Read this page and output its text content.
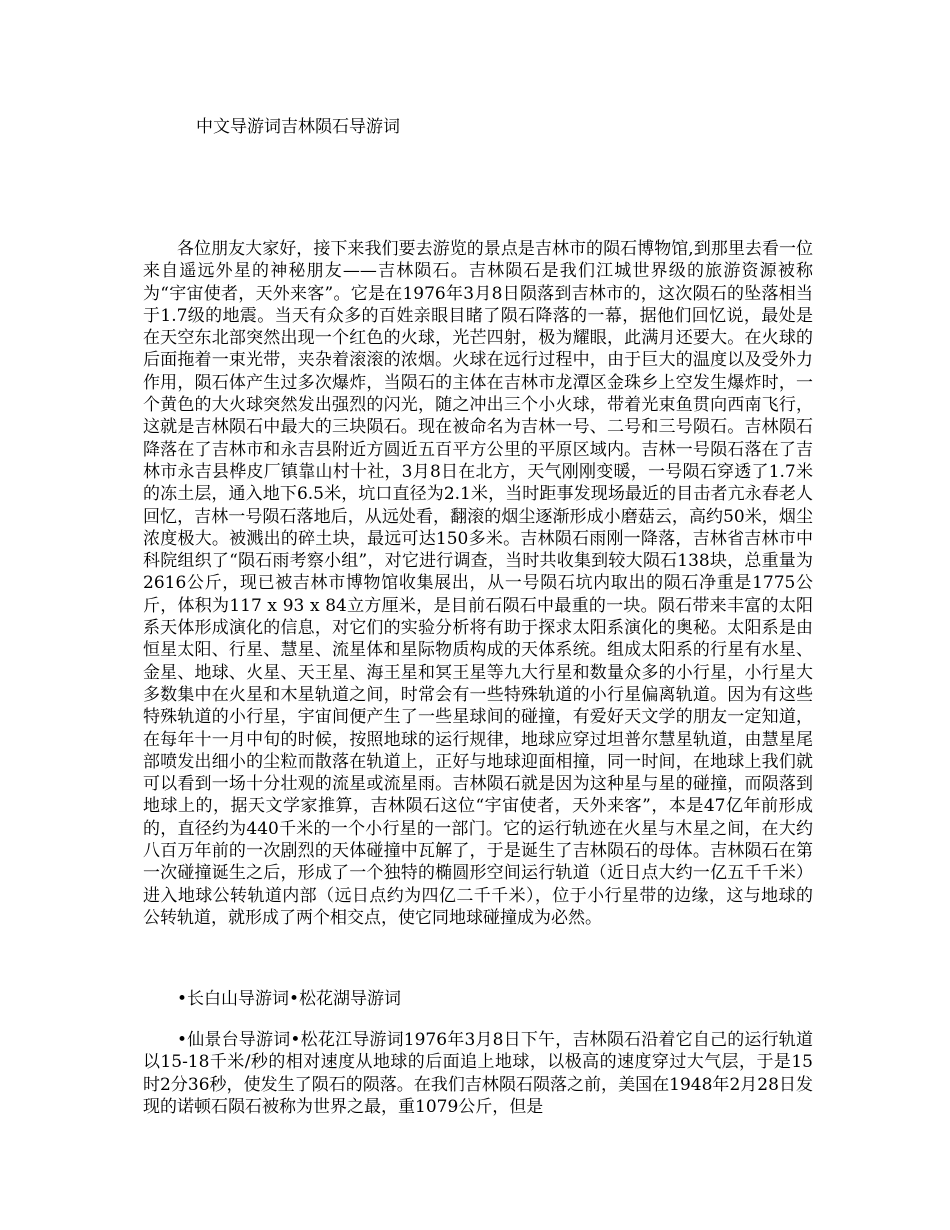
中文导游词吉林陨石导游词

各位朋友大家好，接下来我们要去游览的景点是吉林市的陨石博物馆,到那里去看一位来自遥远外星的神秘朋友——吉林陨石。吉林陨石是我们江城世界级的旅游资源被称为“宇宙使者，天外来客”。它是在1976年3月8日陨落到吉林市的，这次陨石的坠落相当于1.7级的地震。当天有众多的百姓亲眼目睹了陨石降落的一幕，据他们回忆说，最处是在天空东北部突然出现一个红色的火球，光芒四射，极为耀眼，此满月还要大。在火球的后面拖着一束光带，夹杂着滚滚的浓烟。火球在远行过程中，由于巨大的温度以及受外力作用，陨石体产生过多次爆炸，当陨石的主体在吉林市龙潭区金珠乡上空发生爆炸时，一个黄色的大火球突然发出强烈的闪光，随之冲出三个小火球，带着光束鱼贯向西南飞行，这就是吉林陨石中最大的三块陨石。现在被命名为吉林一号、二号和三号陨石。吉林陨石降落在了吉林市和永吉县附近方圆近五百平方公里的平原区域内。吉林一号陨石落在了吉林市永吉县桦皮厂镇靠山村十社，3月8日在北方，天气刚刚变暖，一号陨石穿透了1.7米的冻土层，通入地下6.5米，坑口直径为2.1米，当时距事发现场最近的目击者亢永春老人回忆，吉林一号陨石落地后，从远处看，翻滚的烟尘逐渐形成小磨菇云，高约50米，烟尘浓度极大。被溅出的碎土块，最远可达150多米。吉林陨石雨刚一降落，吉林省吉林市中科院组织了“陨石雨考察小组”，对它进行调查，当时共收集到较大陨石138块，总重量为2616公斤，现已被吉林市博物馆收集展出，从一号陨石坑内取出的陨石净重是1775公斤，体积为117 x 93 x 84立方厘米，是目前石陨石中最重的一块。陨石带来丰富的太阳系天体形成演化的信息，对它们的实验分析将有助于探求太阳系演化的奥秘。太阳系是由恒星太阳、行星、慧星、流星体和星际物质构成的天体系统。组成太阳系的行星有水星、金星、地球、火星、天王星、海王星和冥王星等九大行星和数量众多的小行星，小行星大多数集中在火星和木星轨道之间，时常会有一些特殊轨道的小行星偏离轨道。因为有这些特殊轨道的小行星，宇宙间便产生了一些星球间的碰撞，有爱好天文学的朋友一定知道，在每年十一月中旬的时候，按照地球的运行规律，地球应穿过坦普尔慧星轨道，由慧星尾部喷发出细小的尘粒而散落在轨道上，正好与地球迎面相撞，同一时间，在地球上我们就可以看到一场十分壮观的流星或流星雨。吉林陨石就是因为这种星与星的碰撞，而陨落到地球上的，据天文学家推算，吉林陨石这位“宇宙使者，天外来客”，本是47亿年前形成的，直径约为440千米的一个小行星的一部门。它的运行轨迹在火星与木星之间，在大约八百万年前的一次剧烈的天体碰撞中瓦解了，于是诞生了吉林陨石的母体。吉林陨石在第一次碰撞诞生之后，形成了一个独特的椭圆形空间运行轨道（近日点大约一亿五千千米）进入地球公转轨道内部（远日点约为四亿二千千米），位于小行星带的边缘，这与地球的公转轨道，就形成了两个相交点，使它同地球碰撞成为必然。

•长白山导游词•松花湖导游词

•仙景台导游词•松花江导游词1976年3月8日下午，吉林陨石沿着它自己的运行轨道以15-18千米/秒的相对速度从地球的后面追上地球，以极高的速度穿过大气层，于是15时2分36秒，使发生了陨石的陨落。在我们吉林陨石陨落之前，美国在1948年2月28日发现的诺顿石陨石被称为世界之最，重1079公斤，但是
